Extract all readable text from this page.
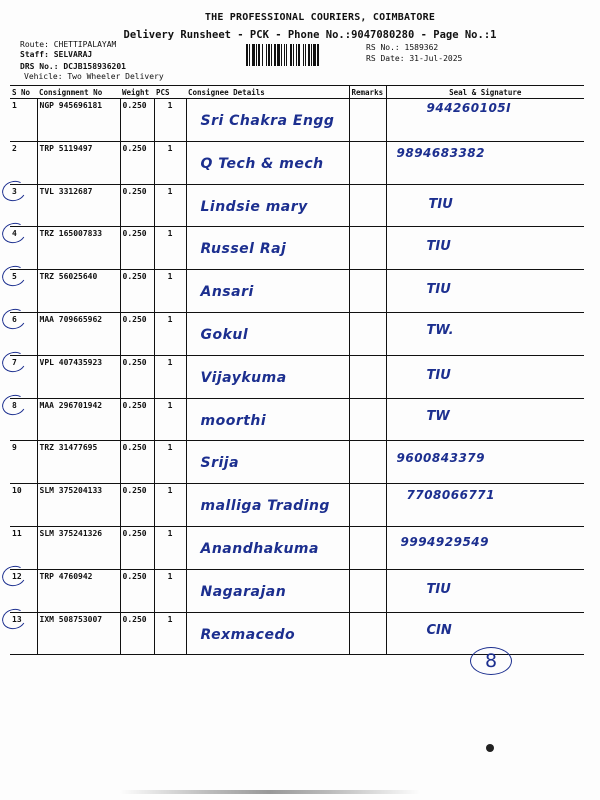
THE PROFESSIONAL COURIERS, COIMBATORE
Delivery Runsheet - PCK - Phone No.:9047080280 - Page No.:1
Route: CHETTIPALAYAM
Staff: SELVARAJ
DRS No.: DCJB158936201
Vehicle: Two Wheeler Delivery
RS No.: 1589362
RS Date: 31-Jul-2025
S No	Consignment No	Weight	PCS	Consignee Details	Remarks	Seal & Signature
1	NGP 945696181	0.250	1	Sri Chakra Engg		944260105Ⅰ

2	TRP 5119497	0.250	1	Q Tech & mech		9894683382

3	TVL 3312687	0.250	1	Lindsie mary		TIU

4	TRZ 165007833	0.250	1	Russel Raj		TIU

5	TRZ 56025640	0.250	1	Ansari		TIU

6	MAA 709665962	0.250	1	Gokul		TW.

7	VPL 407435923	0.250	1	Vijaykuma		TIU

8	MAA 296701942	0.250	1	moorthi		TW

9	TRZ 31477695	0.250	1	Srija		9600843379

10	SLM 375204133	0.250	1	malliga Trading		7708066771

11	SLM 375241326	0.250	1	Anandhakuma		9994929549

12	TRP 4760942	0.250	1	Nagarajan		TIU

13	IXM 508753007	0.250	1	Rexmacedo		CIN
8
